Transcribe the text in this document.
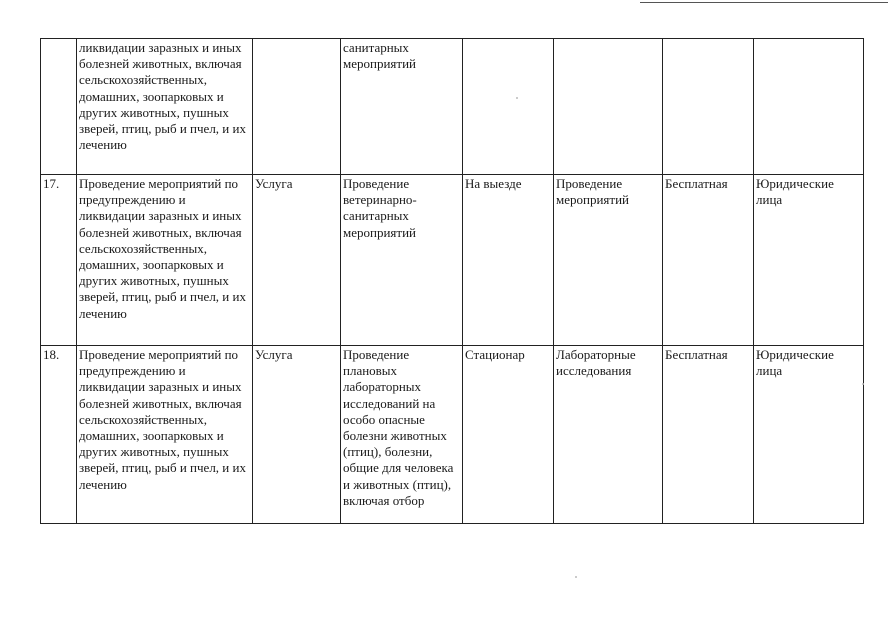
	ликвидации заразных и иных болезней животных, включая сельскохозяйственных, домашних, зоопарковых и других животных, пушных зверей, птиц, рыб и пчел, и их лечению		санитарных мероприятий				
17.	Проведение мероприятий по предупреждению и ликвидации заразных и иных болезней животных, включая сельскохозяйственных, домашних, зоопарковых и других животных, пушных зверей, птиц, рыб и пчел, и их лечению	Услуга	Проведение ветеринарно-санитарных мероприятий	На выезде	Проведение мероприятий	Бесплатная	Юридические лица
18.	Проведение мероприятий по предупреждению и ликвидации заразных и иных болезней животных, включая сельскохозяйственных, домашних, зоопарковых и других животных, пушных зверей, птиц, рыб и пчел, и их лечению	Услуга	Проведение плановых лабораторных исследований на особо опасные болезни животных (птиц), болезни, общие для человека и животных (птиц), включая отбор	Стационар	Лабораторные исследования	Бесплатная	Юридические лица
